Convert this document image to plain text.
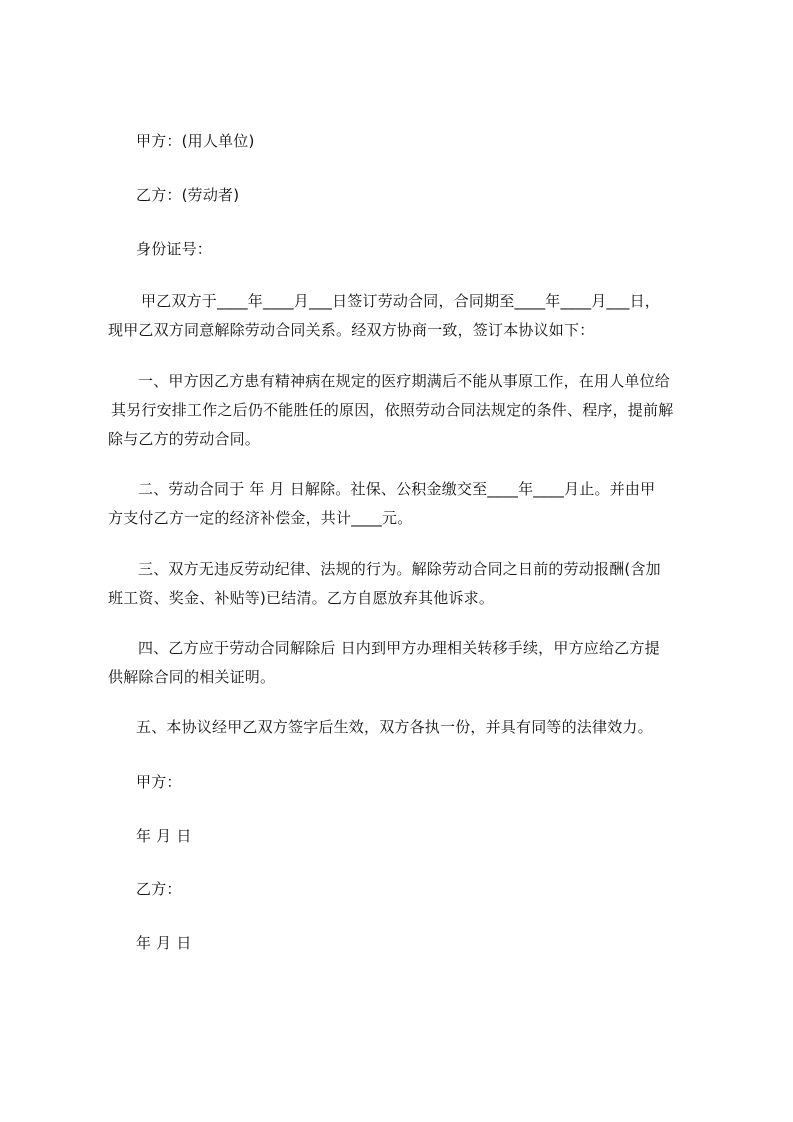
甲方：(用人单位)
乙方：(劳动者)
身份证号：
甲乙双方于____年____月___日签订劳动合同，合同期至____年____月___日，
现甲乙双方同意解除劳动合同关系。经双方协商一致，签订本协议如下：
一、甲方因乙方患有精神病在规定的医疗期满后不能从事原工作，在用人单位给
其另行安排工作之后仍不能胜任的原因，依照劳动合同法规定的条件、程序，提前解
除与乙方的劳动合同。
二、劳动合同于 年 月 日解除。社保、公积金缴交至____年____月止。并由甲
方支付乙方一定的经济补偿金，共计____元。
三、双方无违反劳动纪律、法规的行为。解除劳动合同之日前的劳动报酬(含加
班工资、奖金、补贴等)已结清。乙方自愿放弃其他诉求。
四、乙方应于劳动合同解除后 日内到甲方办理相关转移手续，甲方应给乙方提
供解除合同的相关证明。
五、本协议经甲乙双方签字后生效，双方各执一份，并具有同等的法律效力。
甲方：
年 月 日
乙方：
年 月 日
